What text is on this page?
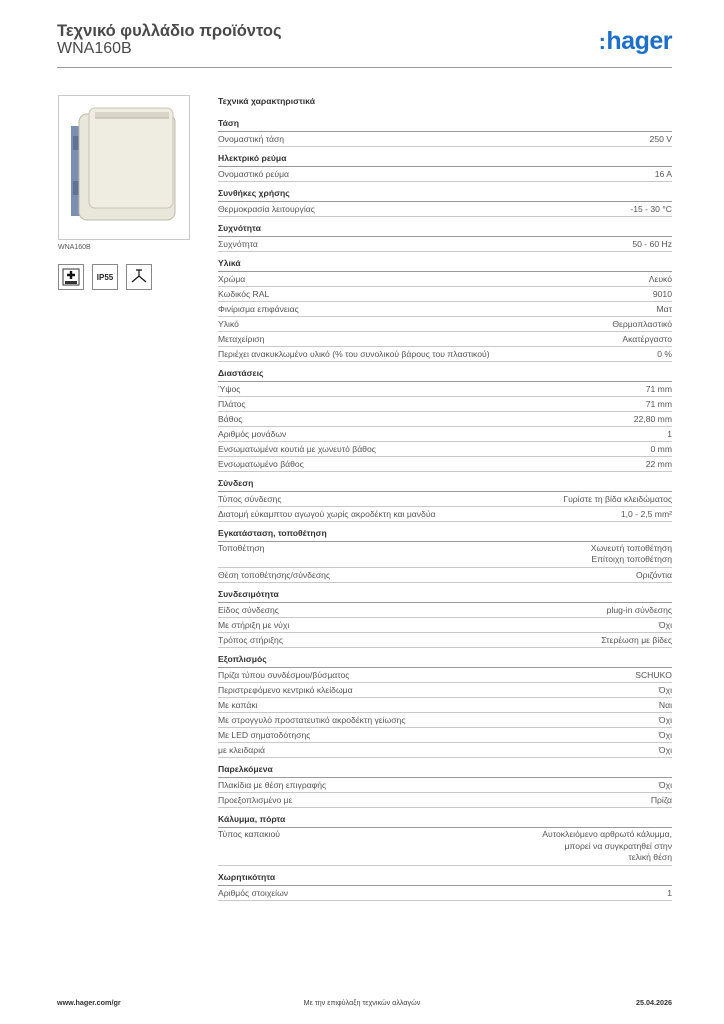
Τεχνικό φυλλάδιο προϊόντος
WNA160B	:hager
WNA160B
IP55
Τεχνικά χαρακτηριστικά
Τάση
Ονομαστική τάση	250 V
Ηλεκτρικό ρεύμα
Ονομαστικό ρεύμα	16 A
Συνθήκες χρήσης
Θερμοκρασία λειτουργίας	-15 - 30 °C
Συχνότητα
Συχνότητα	50 - 60 Hz
Υλικά
Χρώμα	Λευκό
Κωδικός RAL	9010
Φινίρισμα επιφάνειας	Ματ
Υλικό	Θερμοπλαστικό
Μεταχείριση	Ακατέργαστο
Περιέχει ανακυκλωμένο υλικό (% του συνολικού βάρους του πλαστικού)	0 %
Διαστάσεις
Ύψος	71 mm
Πλάτος	71 mm
Βάθος	22,80 mm
Αριθμός μονάδων	1
Ενσωματωμένα κουτιά με χωνευτό βάθος	0 mm
Ενσωματωμένο βάθος	22 mm
Σύνδεση
Τύπος σύνδεσης	Γυρίστε τη βίδα κλειδώματος
Διατομή εύκαμπτου αγωγού χωρίς ακροδέκτη και μανδύα	1,0 - 2,5 mm²
Εγκατάσταση, τοποθέτηση
Τοποθέτηση	Χωνευτή τοποθέτηση
Επίτοιχη τοποθέτηση
Θέση τοποθέτησης/σύνδεσης	Οριζόντια
Συνδεσιμότητα
Είδος σύνδεσης	plug-in σύνδεσης
Με στήριξη με νύχι	Όχι
Τρόπος στήριξης	Στερέωση με βίδες
Εξοπλισμός
Πρίζα τύπου συνδέσμου/βύσματος	SCHUKO
Περιστρεφόμενο κεντρικό κλείδωμα	Όχι
Με καπάκι	Ναι
Με στρογγυλό προστατευτικό ακροδέκτη γείωσης	Όχι
Με LED σηματοδότησης	Όχι
με κλειδαριά	Όχι
Παρελκόμενα
Πλακίδια με θέση επιγραφής	Όχι
Προεξοπλισμένο με	Πρίζα
Κάλυμμα, πόρτα
Τύπος καπακιού	Αυτοκλειόμενο αρθρωτό κάλυμμα,
μπορεί να συγκρατηθεί στην
τελική θέση
Χωρητικότητα
Αριθμός στοιχείων	1
www.hager.com/gr	Με την επιφύλαξη τεχνικών αλλαγών	25.04.2026
